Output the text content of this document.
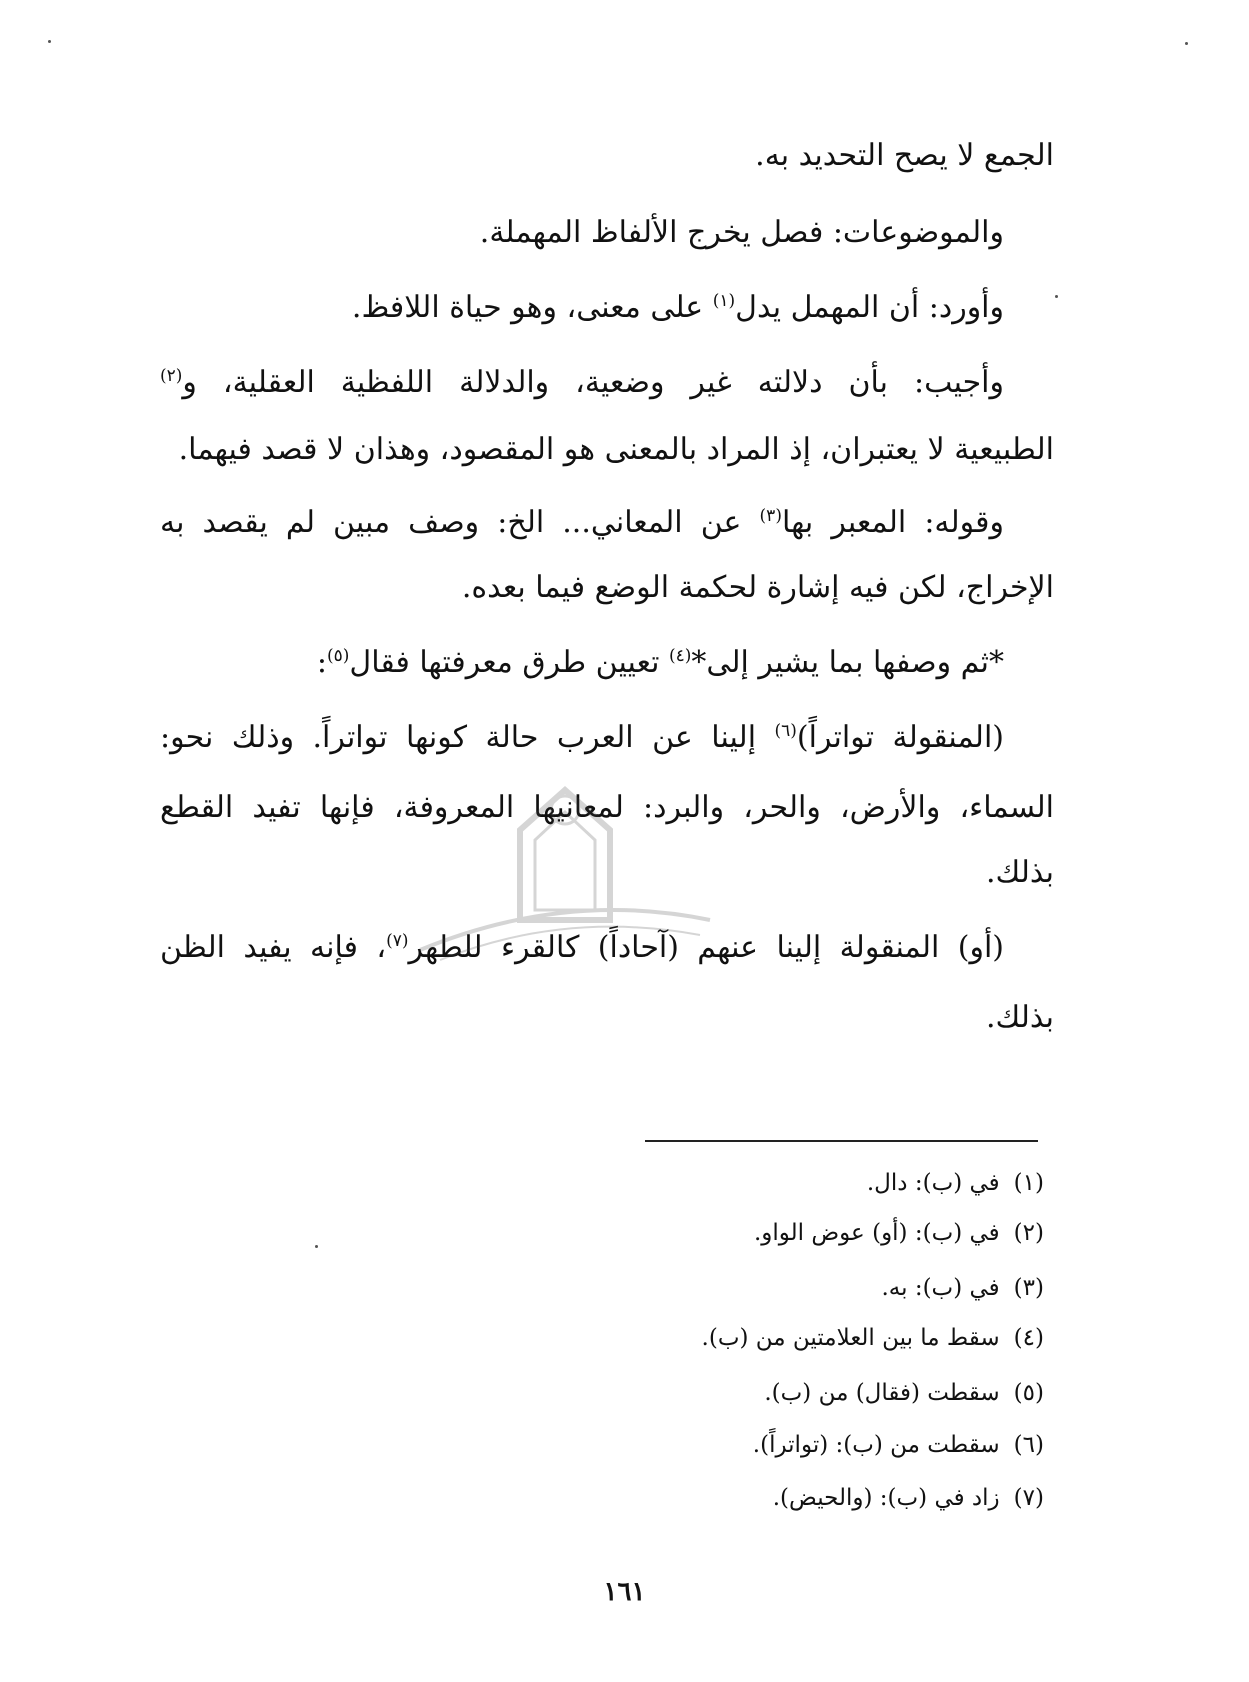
الجمع لا يصح التحديد به.
والموضوعات: فصل يخرج الألفاظ المهملة.
وأورد: أن المهمل يدل$^{(١)}$ على معنى، وهو حياة اللافظ.
وأجيب: بأن دلالته غير وضعية، والدلالة اللفظية العقلية، و$^{(٢)}$
الطبيعية لا يعتبران، إذ المراد بالمعنى هو المقصود، وهذان لا قصد فيهما.
وقوله: المعبر بها$^{(٣)}$ عن المعاني... الخ: وصف مبين لم يقصد به
الإخراج، لكن فيه إشارة لحكمة الوضع فيما بعده.
*ثم وصفها بما يشير إلى*$^{(٤)}$ تعيين طرق معرفتها فقال$^{(٥)}$:
(المنقولة تواتراً)$^{(٦)}$ إلينا عن العرب حالة كونها تواتراً. وذلك نحو:
السماء، والأرض، والحر، والبرد: لمعانيها المعروفة، فإنها تفيد القطع
بذلك.
(أو) المنقولة إلينا عنهم (آحاداً) كالقرء للطهر$^{(٧)}$، فإنه يفيد الظن
بذلك.
(١)في (ب): دال.
(٢)في (ب): (أو) عوض الواو.
(٣)في (ب): به.
(٤)سقط ما بين العلامتين من (ب).
(٥)سقطت (فقال) من (ب).
(٦)سقطت من (ب): (تواتراً).
(٧)زاد في (ب): (والحيض).
١٦١
